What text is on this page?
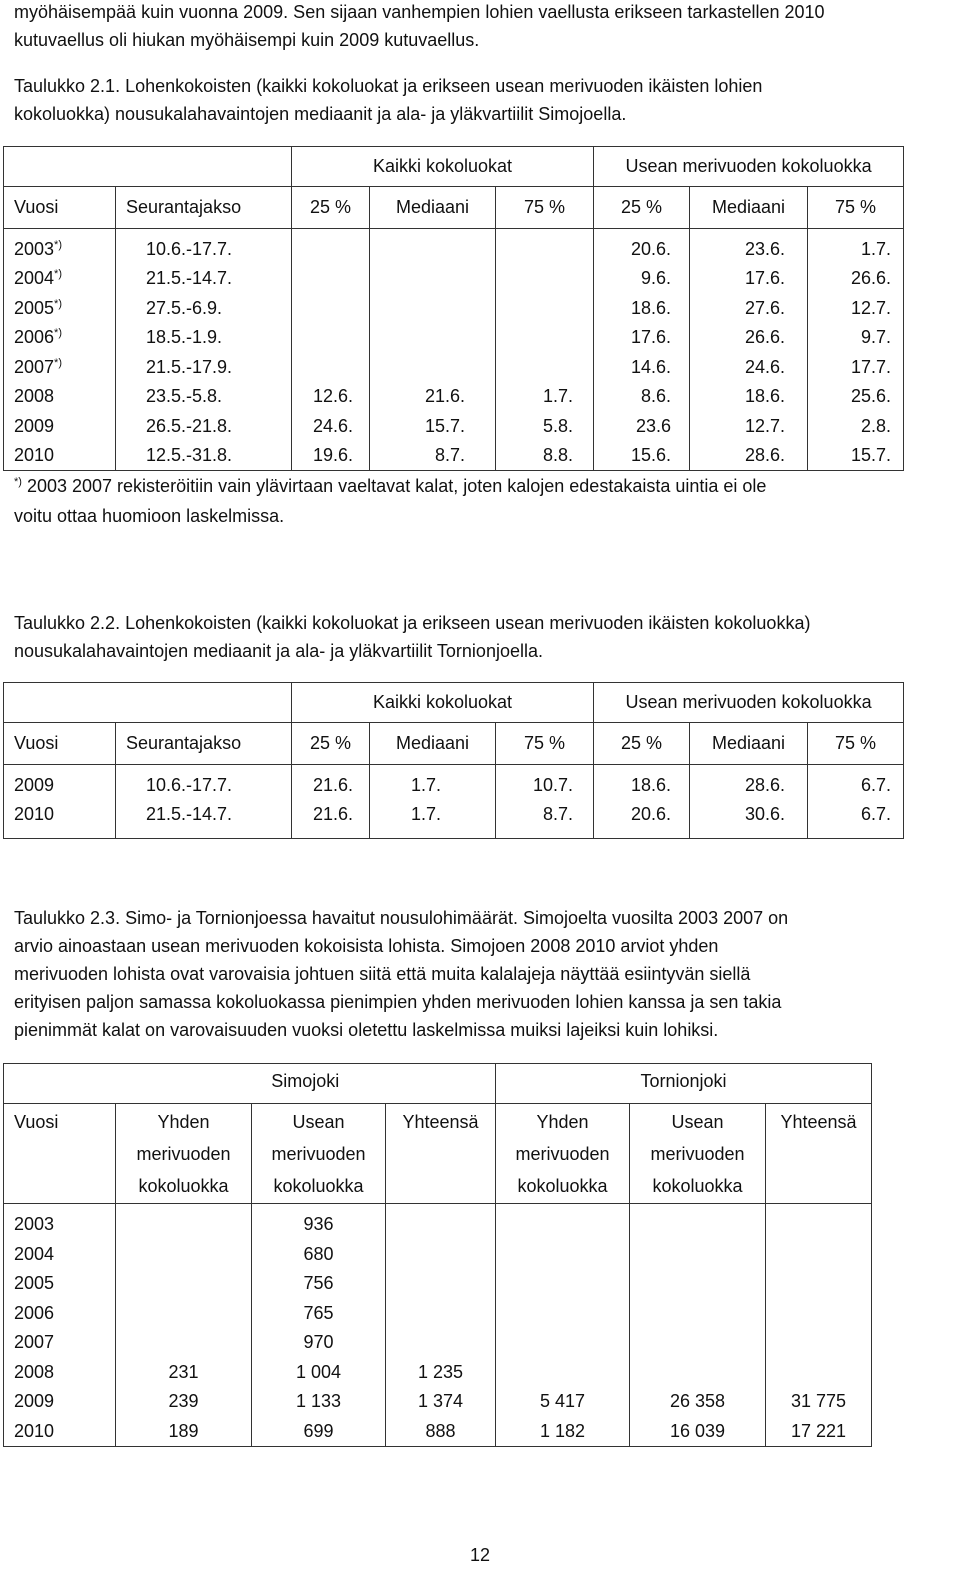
myöhäisempää kuin vuonna 2009. Sen sijaan vanhempien lohien vaellusta erikseen tarkastellen 2010
kutuvaellus oli hiukan myöhäisempi kuin 2009 kutuvaellus.

Taulukko 2.1. Lohenkokoisten (kaikki kokoluokat ja erikseen usean merivuoden ikäisten lohien
kokoluokka) nousukalahavaintojen mediaanit ja ala- ja yläkvartiilit Simojoella.

		Kaikki kokoluokat			Usean merivuoden kokoluokka		
Vuosi	Seurantajakso	25 %	Mediaani	75 %	25 %	Mediaani	75 %
2003*)	10.6.-17.7.				20.6.	23.6.	1.7.
2004*)	21.5.-14.7.				9.6.	17.6.	26.6.
2005*)	27.5.-6.9.				18.6.	27.6.	12.7.
2006*)	18.5.-1.9.				17.6.	26.6.	9.7.
2007*)	21.5.-17.9.				14.6.	24.6.	17.7.
2008	23.5.-5.8.	12.6.	21.6.	1.7.	8.6.	18.6.	25.6.
2009	26.5.-21.8.	24.6.	15.7.	5.8.	23.6	12.7.	2.8.
2010	12.5.-31.8.	19.6.	8.7.	8.8.	15.6.	28.6.	15.7.

*) 2003 2007 rekisteröitiin vain ylävirtaan vaeltavat kalat, joten kalojen edestakaista uintia ei ole
voitu ottaa huomioon laskelmissa.

Taulukko 2.2. Lohenkokoisten (kaikki kokoluokat ja erikseen usean merivuoden ikäisten kokoluokka)
nousukalahavaintojen mediaanit ja ala- ja yläkvartiilit Tornionjoella.

		Kaikki kokoluokat			Usean merivuoden kokoluokka		
Vuosi	Seurantajakso	25 %	Mediaani	75 %	25 %	Mediaani	75 %
2009	10.6.-17.7.	21.6.	1.7.	10.7.	18.6.	28.6.	6.7.
2010	21.5.-14.7.	21.6.	1.7.	8.7.	20.6.	30.6.	6.7.

Taulukko 2.3. Simo- ja Tornionjoessa havaitut nousulohimäärät. Simojoelta vuosilta 2003 2007 on
arvio ainoastaan usean merivuoden kokoisista lohista. Simojoen 2008 2010 arviot yhden
merivuoden lohista ovat varovaisia johtuen siitä että muita kalalajeja näyttää esiintyvän siellä
erityisen paljon samassa kokoluokassa pienimpien yhden merivuoden lohien kanssa ja sen takia
pienimmät kalat on varovaisuuden vuoksi oletettu laskelmissa muiksi lajeiksi kuin lohiksi.

	Simojoki			Tornionjoki		
Vuosi	Yhden
merivuoden
kokoluokka	Usean
merivuoden
kokoluokka	Yhteensä	Yhden
merivuoden
kokoluokka	Usean
merivuoden
kokoluokka	Yhteensä
2003		936				
2004		680				
2005		756				
2006		765				
2007		970				
2008	231	1 004	1 235			
2009	239	1 133	1 374	5 417	26 358	31 775
2010	189	699	888	1 182	16 039	17 221
12
